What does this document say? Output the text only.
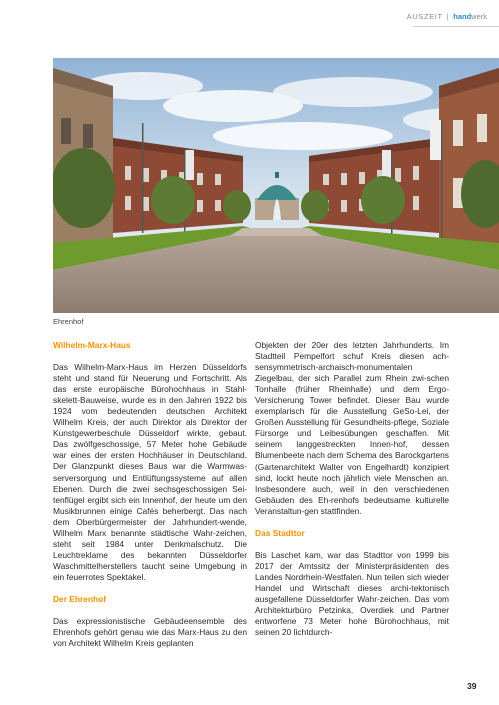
AUSZEIT | handwerk
Ehrenhof
Wilhelm-Marx-Haus

Das Wilhelm-Marx-Haus im Herzen Düsseldorfs steht und stand für Neuerung und Fortschritt. Als das erste europäische Bürohochhaus in Stahl-skelett-Bauweise, wurde es in den Jahren 1922 bis 1924 vom bedeutenden deutschen Architekt Wilhelm Kreis, der auch Direktor als Direktor der Kunstgewerbeschule Düsseldorf wirkte, gebaut. Das zwölfgeschossige, 57 Meter hohe Gebäude war eines der ersten Hochhäuser in Deutschland. Der Glanzpunkt dieses Baus war die Warmwas-serversorgung und Entlüftungssysteme auf allen Ebenen. Durch die zwei sechsgeschossigen Sei-tenflügel ergibt sich ein Innenhof, der heute um den Musikbrunnen einige Cafés beherbergt. Das nach dem Oberbürgermeister der Jahrhundert-wende, Wilhelm Marx benannte städtische Wahr-zeichen, steht seit 1984 unter Denkmalschutz. Die Leuchtreklame des bekannten Düsseldorfer Waschmittelherstellers taucht seine Umgebung in ein feuerrotes Spektakel.

Der Ehrenhof

Das expressionistische Gebäudeensemble des Ehrenhofs gehört genau wie das Marx-Haus zu den von Architekt Wilhelm Kreis geplanten

Objekten der 20er des letzten Jahrhunderts. Im Stadtteil Pempelfort schuf Kreis diesen ach-sensymmetrisch-archaisch-monumentalen Ziegelbau, der sich Parallel zum Rhein zwi-schen Tonhalle (früher Rheinhalle) und dem Ergo-Versicherung Tower befindet. Dieser Bau wurde exemplarisch für die Ausstellung GeSo-Lei, der Großen Ausstellung für Gesundheits-pflege, Soziale Fürsorge und Leibesübungen geschaffen. Mit seinem langgestreckten Innen-hof, dessen Blumenbeete nach dem Schema des Barockgartens (Gartenarchitekt Walter von Engelhardt) konzipiert sind, lockt heute noch jährlich viele Menschen an. Insbesondere auch, weil in den verschiedenen Gebäuden des Eh-renhofs bedeutsame kulturelle Veranstaltun-gen stattfinden.

Das Stadttor

Bis Laschet kam, war das Stadttor von 1999 bis 2017 der Amtssitz der Ministerpräsidenten des Landes Nordrhein-Westfalen. Nun teilen sich wieder Handel und Wirtschaft dieses archi-tektonisch ausgefallene Düsseldorfer Wahr-zeichen. Das vom Architekturbüro Petzinka, Overdiek und Partner entworfene 73 Meter hohe Bürohochhaus, mit seinen 20 lichtdurch-

39
